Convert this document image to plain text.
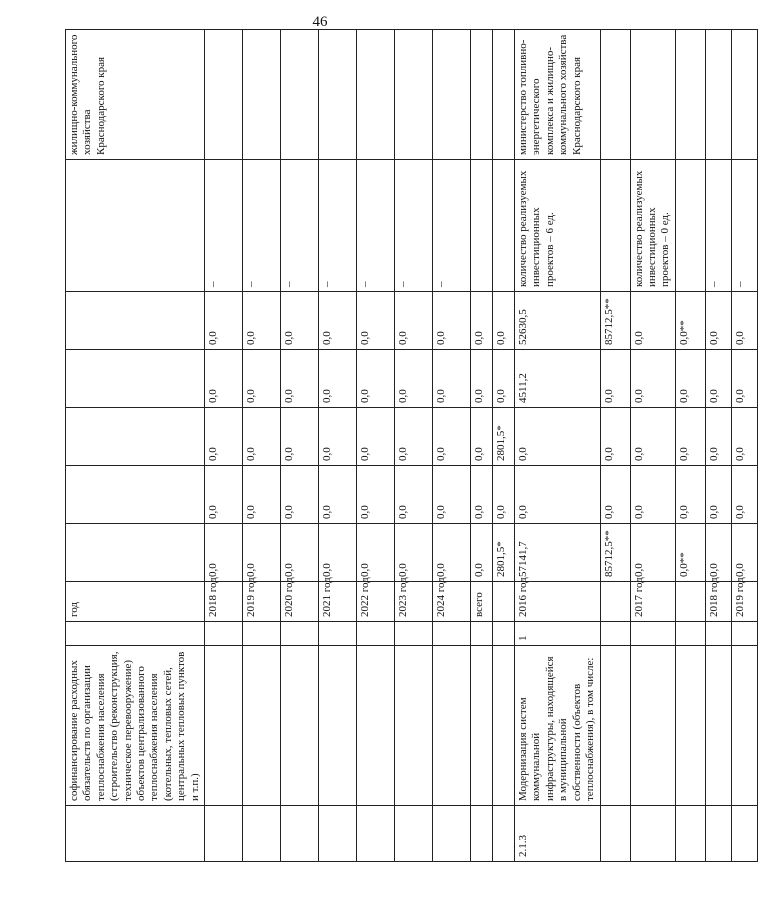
46
	софинансирование расходных обязательств по организации теплоснабжения населения (строительство (реконструкция, техническое перевооружение) объектов централизованного теплоснабжения населения (котельных, тепловых сетей, центральных тепловых пунктов и т.п.)		год							жилищно-коммунального хозяйства Краснодарского края
			2018 год	0,0	0,0	0,0	0,0	0,0	–	
			2019 год	0,0	0,0	0,0	0,0	0,0	–	
			2020 год	0,0	0,0	0,0	0,0	0,0	–	
			2021 год	0,0	0,0	0,0	0,0	0,0	–	
			2022 год	0,0	0,0	0,0	0,0	0,0	–	
			2023 год	0,0	0,0	0,0	0,0	0,0	–	
			2024 год	0,0	0,0	0,0	0,0	0,0	–	
			всего	0,0	0,0	0,0	0,0	0,0		
				2801,5*	0,0	2801,5*	0,0	0,0		
2.1.3	Модернизация систем коммунальной инфраструктуры, находящейся в муниципальной собственности (объектов теплоснабжения), в том числе:	1	2016 год	57141,7	0,0	0,0	4511,2	52630,5	количество реализуемых инвестиционных проектов – 6 ед.	министерство топливно-энергетического комплекса и жилищно-коммунального хозяйства Краснодарского края
				85712,5**	0,0	0,0	0,0	85712,5**		
			2017 год	0,0	0,0	0,0	0,0	0,0	количество реализуемых инвестиционных проектов – 0 ед.	
				0,0**	0,0	0,0	0,0	0,0**		
			2018 год	0,0	0,0	0,0	0,0	0,0	–	
			2019 год	0,0	0,0	0,0	0,0	0,0	–	
